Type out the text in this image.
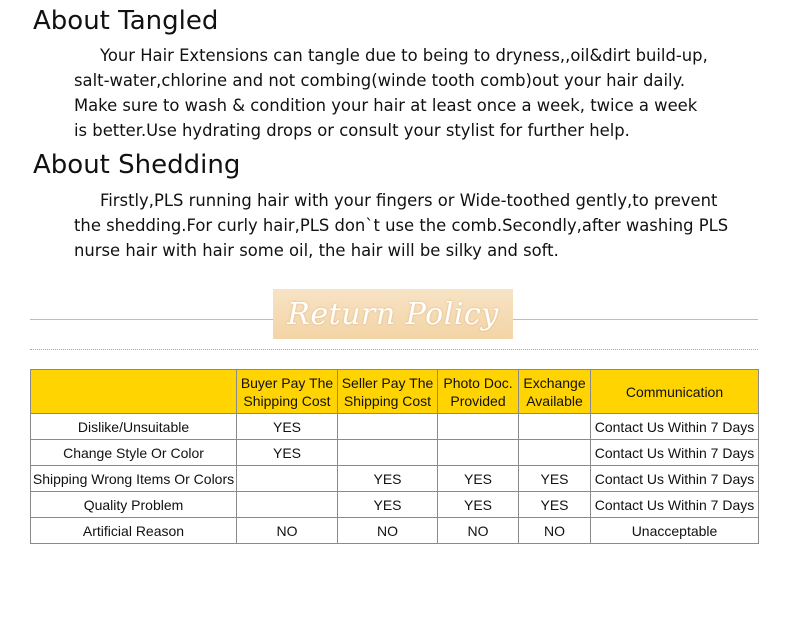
About Tangled

Your Hair Extensions can tangle due to being to dryness,,oil&dirt build-up,
salt-water,chlorine and not combing(winde tooth comb)out your hair daily.
Make sure to wash & condition your hair at least once a week, twice a week
is better.Use hydrating drops or consult your stylist for further help.

About Shedding

Firstly,PLS running hair with your fingers or Wide-toothed gently,to prevent
the shedding.For curly hair,PLS don`t use the comb.Secondly,after washing PLS
nurse hair with hair some oil, the hair will be silky and soft.

Return Policy
	Buyer Pay The Shipping Cost	Seller Pay The Shipping Cost	Photo Doc. Provided	Exchange Available	Communication
Dislike/Unsuitable	YES				Contact Us Within 7 Days
Change Style Or Color	YES				Contact Us Within 7 Days
Shipping Wrong Items Or Colors		YES	YES	YES	Contact Us Within 7 Days
Quality Problem		YES	YES	YES	Contact Us Within 7 Days
Artificial Reason	NO	NO	NO	NO	Unacceptable
